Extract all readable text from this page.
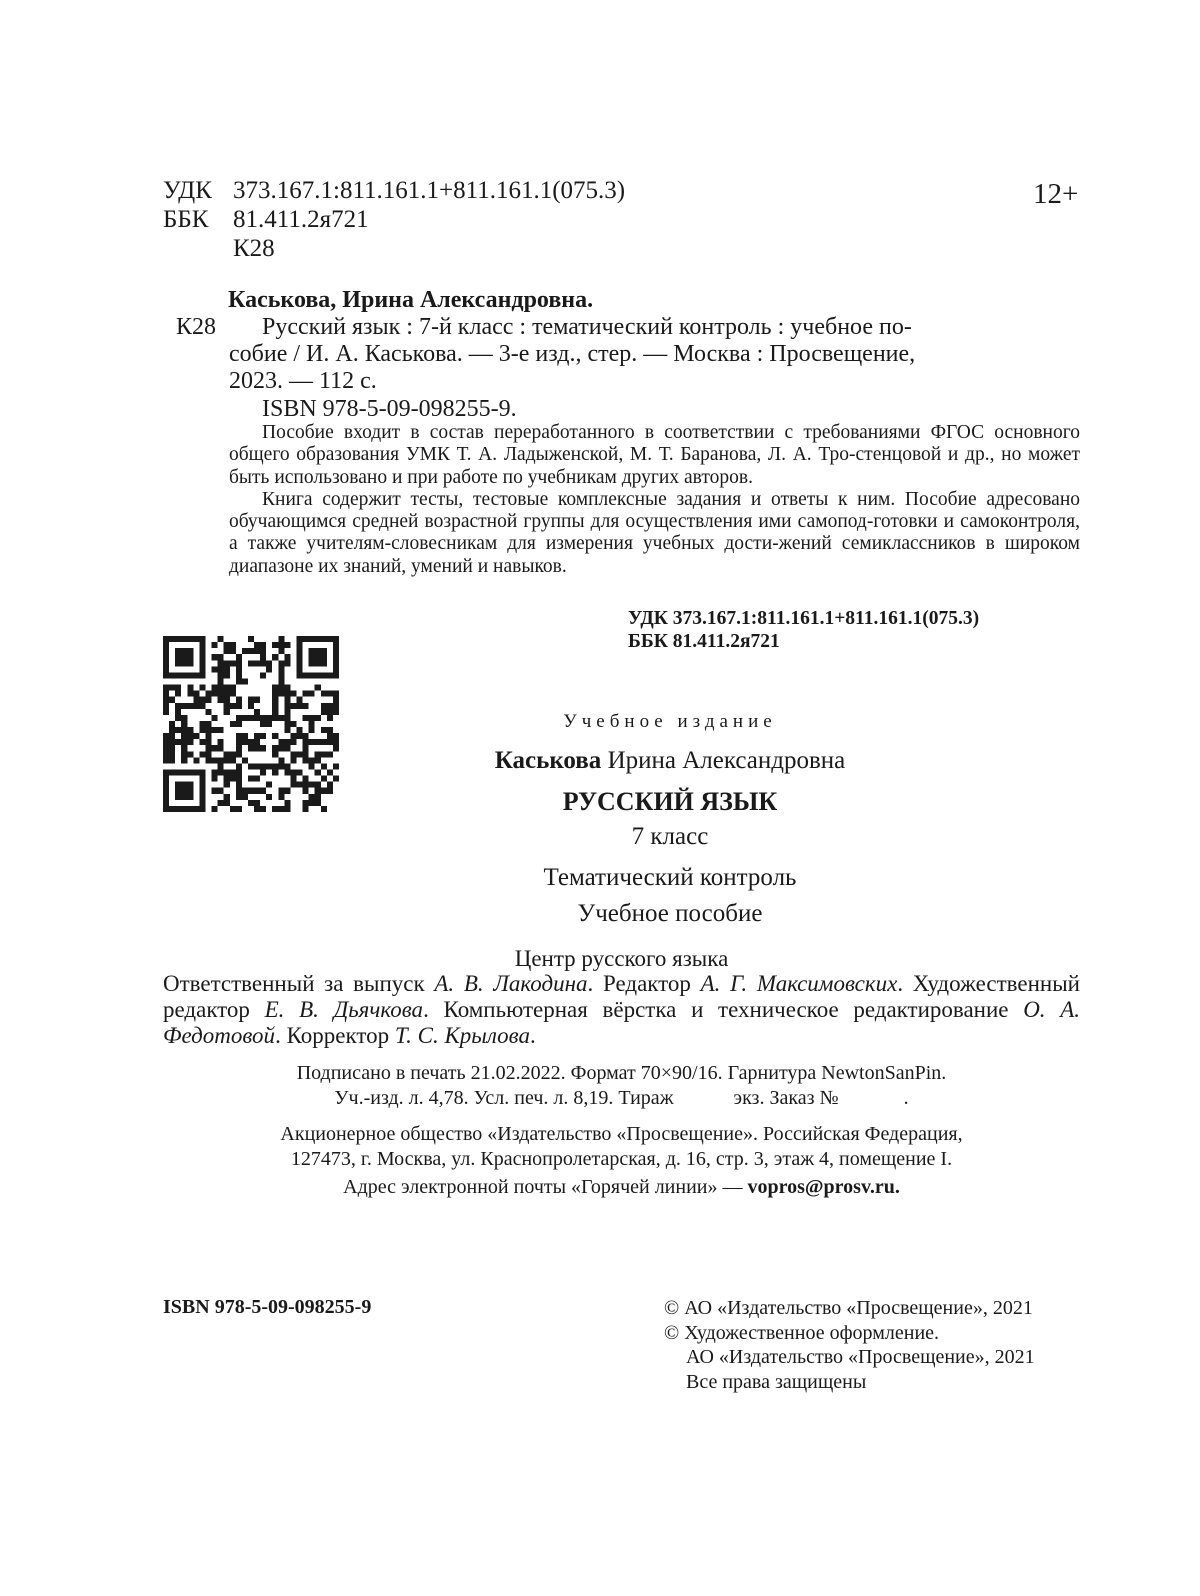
УДК 373.167.1:811.161.1+811.161.1(075.3)
ББК 81.411.2я721
К28
12+
Каськова, Ирина Александровна.
К28 Русский язык : 7-й класс : тематический контроль : учебное по-
собие / И. А. Каськова. — 3-е изд., стер. — Москва : Просвещение,
2023. — 112 с.
ISBN 978-5-09-098255-9.

Пособие входит в состав переработанного в соответствии с требованиями ФГОС основного общего образования УМК Т. А. Ладыженской, М. Т. Баранова, Л. А. Тро-стенцовой и др., но может быть использовано и при работе по учебникам других авторов.

Книга содержит тесты, тестовые комплексные задания и ответы к ним. Пособие адресовано обучающимся средней возрастной группы для осуществления ими самопод-готовки и самоконтроля, а также учителям-словесникам для измерения учебных дости-жений семиклассников в широком диапазоне их знаний, умений и навыков.

УДК 373.167.1:811.161.1+811.161.1(075.3)
ББК 81.411.2я721
Учебное издание
Каськова Ирина Александровна
РУССКИЙ ЯЗЫК
7 класс
Тематический контроль
Учебное пособие
Центр русского языка
Ответственный за выпуск А. В. Лакодина. Редактор А. Г. Максимовских. Художественный редактор Е. В. Дьячкова. Компьютерная вёрстка и техническое редактирование О. А. Федотовой. Корректор Т. С. Крылова.
Подписано в печать 21.02.2022. Формат 70×90/16. Гарнитура NewtonSanPin.
Уч.-изд. л. 4,78. Усл. печ. л. 8,19. Тираж            экз. Заказ №             .
Акционерное общество «Издательство «Просвещение». Российская Федерация,
127473, г. Москва, ул. Краснопролетарская, д. 16, стр. 3, этаж 4, помещение I.
Адрес электронной почты «Горячей линии» — vopros@prosv.ru.
ISBN 978-5-09-098255-9	© АО «Издательство «Просвещение», 2021
© Художественное оформление.
АО «Издательство «Просвещение», 2021
Все права защищены
